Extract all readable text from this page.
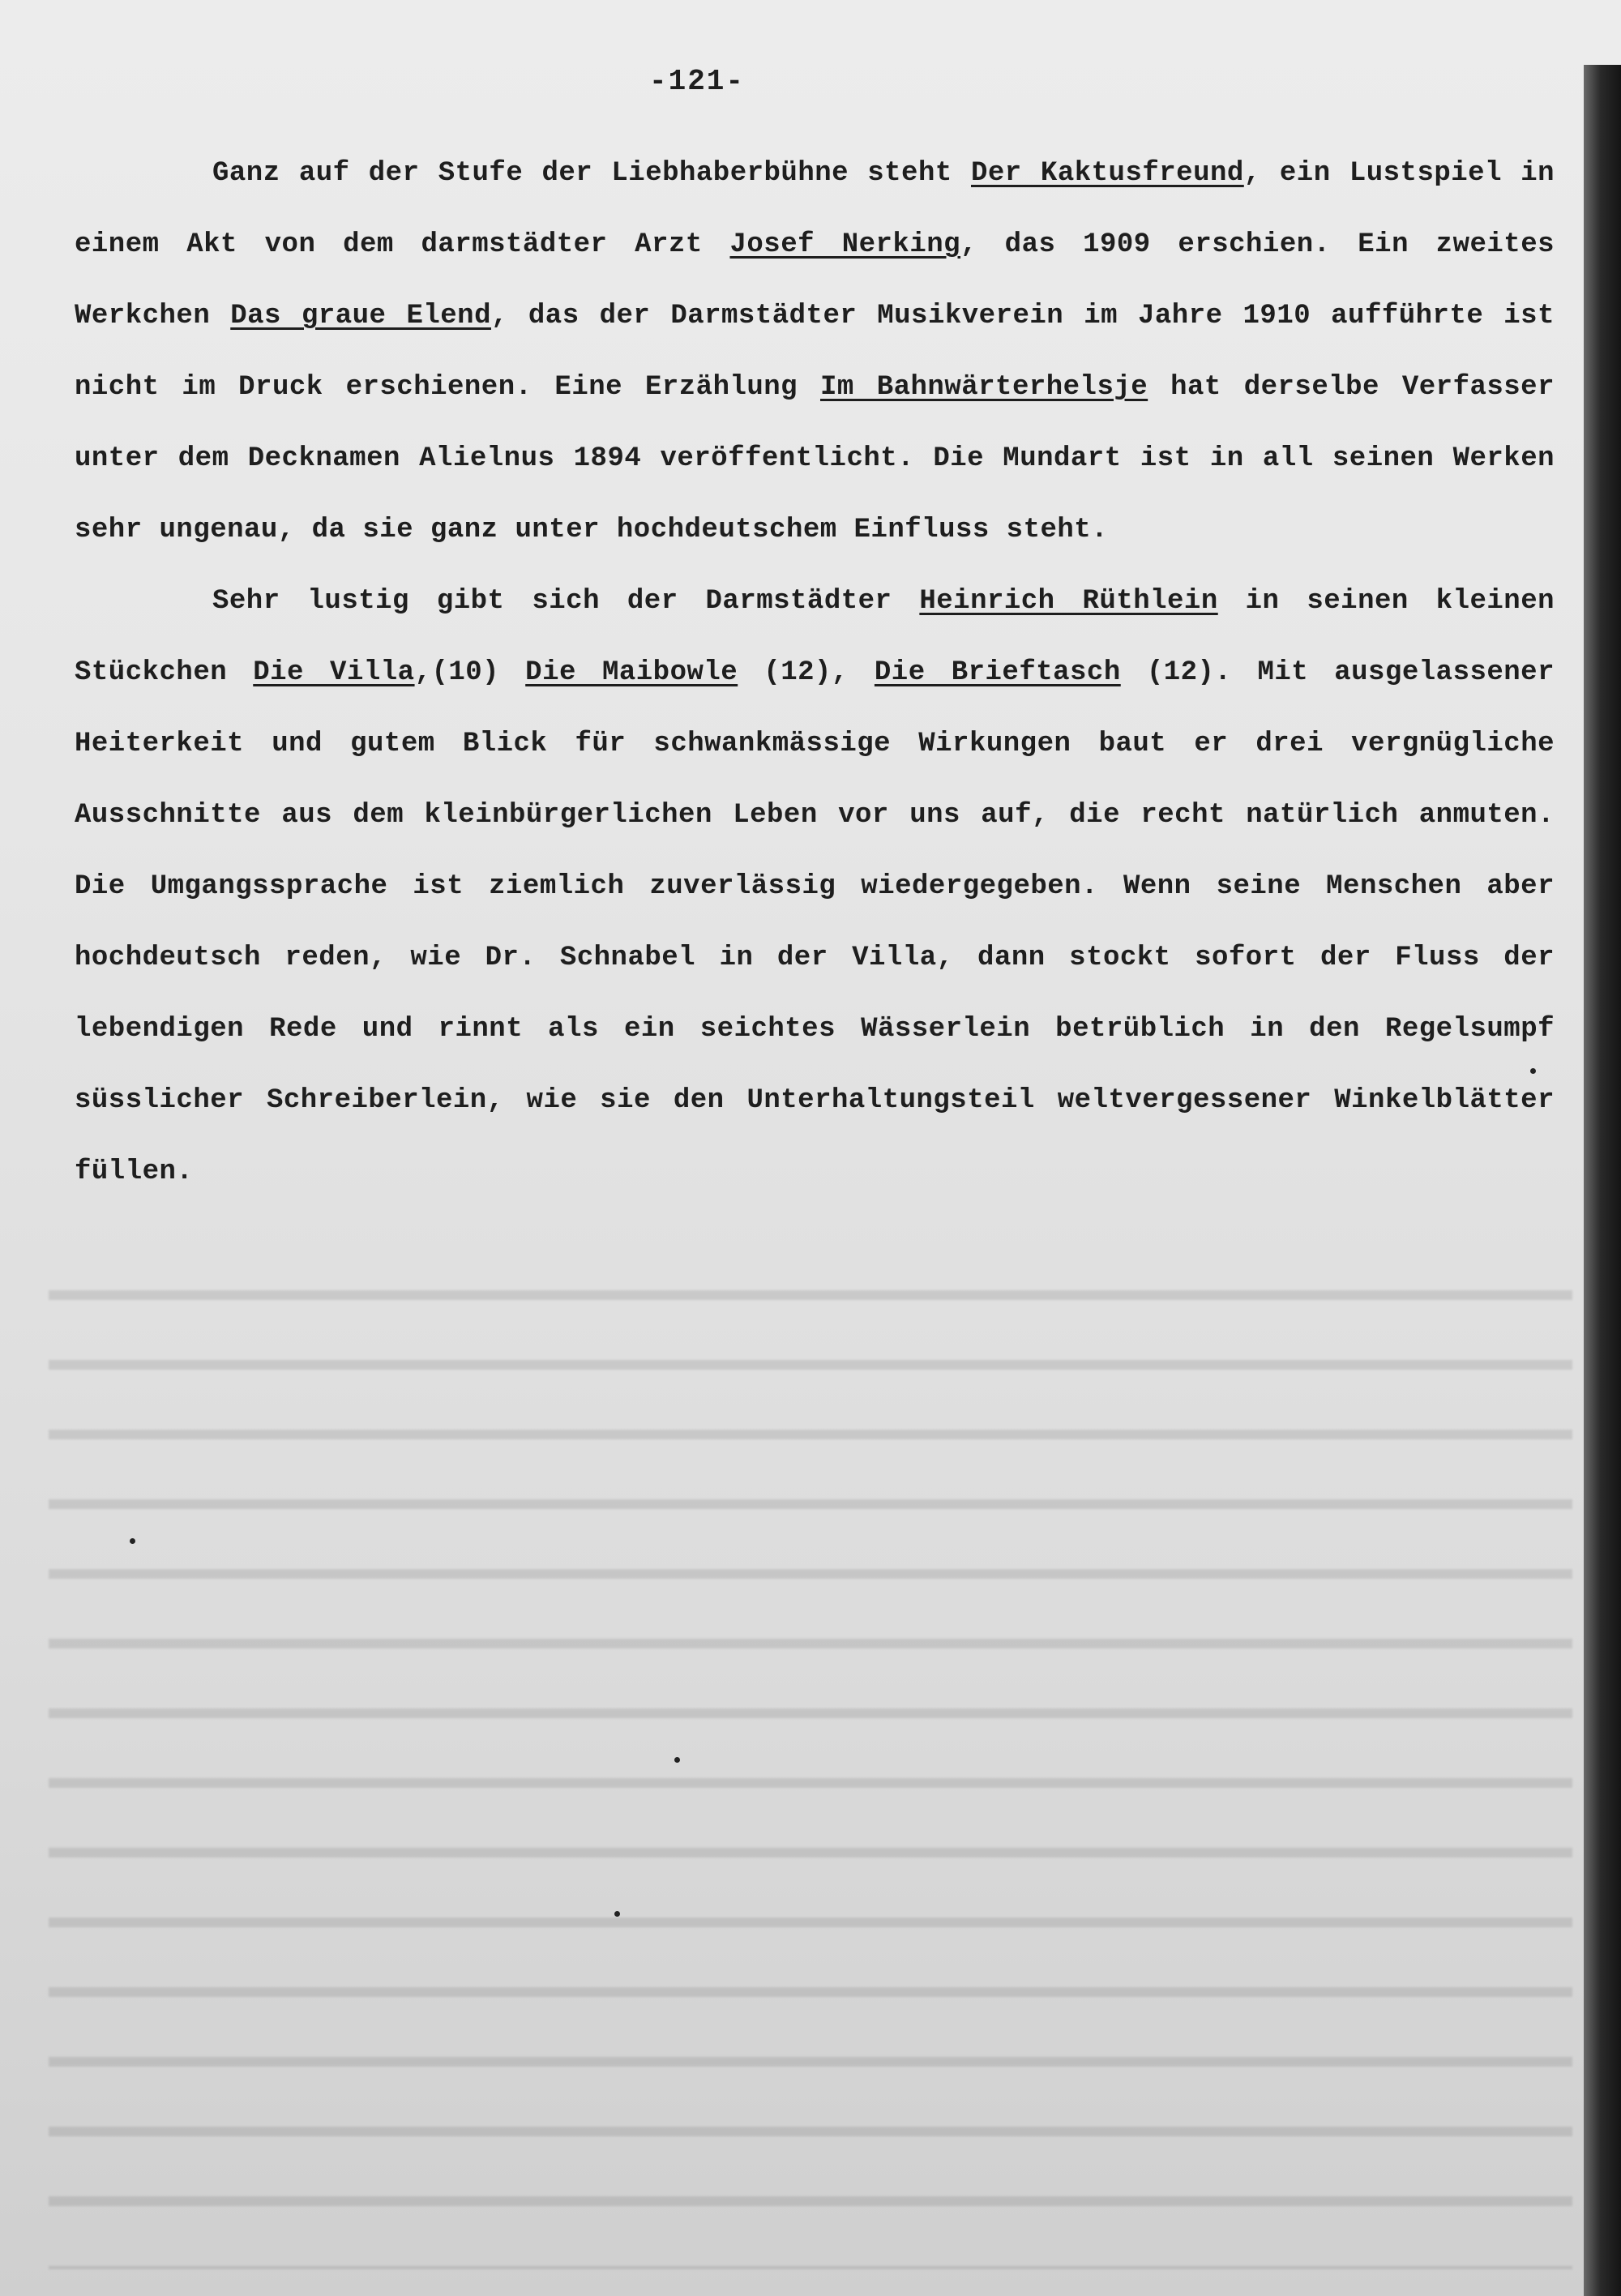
-121-

Ganz auf der Stufe der Liebhaberbühne steht Der Kaktusfreund, ein Lustspiel in einem Akt von dem darmstädter Arzt Josef Nerking, das 1909 erschien. Ein zweites Werkchen Das graue Elend, das der Darmstädter Musikverein im Jahre 1910 aufführte ist nicht im Druck erschienen. Eine Erzählung Im Bahnwärterhelsje hat derselbe Verfasser unter dem Decknamen Alielnus 1894 veröffentlicht. Die Mundart ist in all seinen Werken sehr ungenau, da sie ganz unter hochdeutschem Einfluss steht.

Sehr lustig gibt sich der Darmstädter Heinrich Rüthlein in seinen kleinen Stückchen Die Villa,(10) Die Maibowle (12), Die Brieftasch (12). Mit ausgelassener Heiterkeit und gutem Blick für schwankmässige Wirkungen baut er drei vergnügliche Ausschnitte aus dem kleinbürgerlichen Leben vor uns auf, die recht natürlich anmuten. Die Umgangssprache ist ziemlich zuverlässig wiedergegeben. Wenn seine Menschen aber hochdeutsch reden, wie Dr. Schnabel in der Villa, dann stockt sofort der Fluss der lebendigen Rede und rinnt als ein seichtes Wässerlein betrüblich in den Regelsumpf süsslicher Schreiberlein, wie sie den Unterhaltungsteil weltvergessener Winkelblätter füllen.
